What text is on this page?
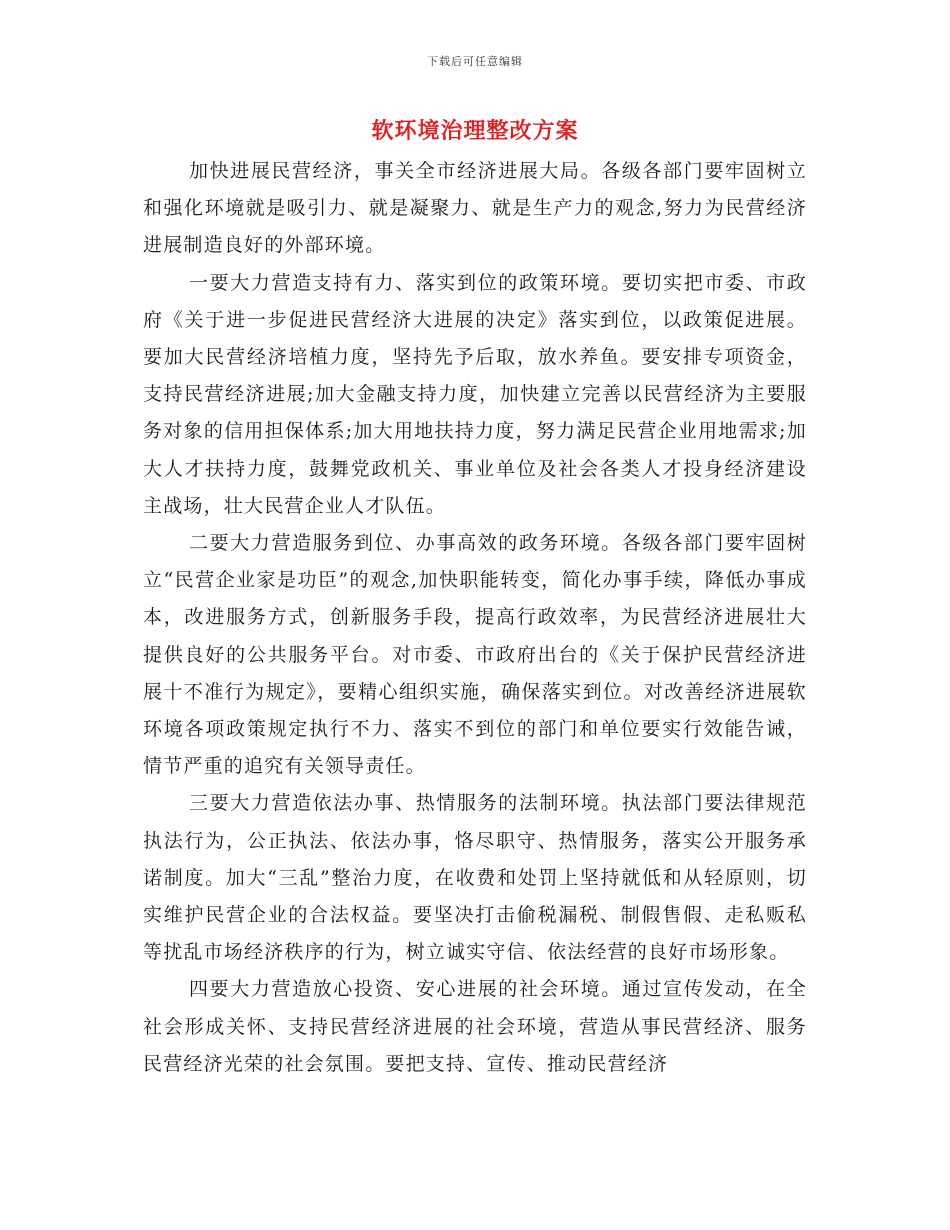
下载后可任意编辑
软环境治理整改方案

加快进展民营经济，事关全市经济进展大局。各级各部门要牢固树立和强化环境就是吸引力、就是凝聚力、就是生产力的观念,努力为民营经济进展制造良好的外部环境。

一要大力营造支持有力、落实到位的政策环境。要切实把市委、市政府《关于进一步促进民营经济大进展的决定》落实到位，以政策促进展。要加大民营经济培植力度，坚持先予后取，放水养鱼。要安排专项资金，支持民营经济进展;加大金融支持力度，加快建立完善以民营经济为主要服务对象的信用担保体系;加大用地扶持力度，努力满足民营企业用地需求;加大人才扶持力度，鼓舞党政机关、事业单位及社会各类人才投身经济建设主战场，壮大民营企业人才队伍。

二要大力营造服务到位、办事高效的政务环境。各级各部门要牢固树立“民营企业家是功臣”的观念,加快职能转变，简化办事手续，降低办事成本，改进服务方式，创新服务手段，提高行政效率，为民营经济进展壮大提供良好的公共服务平台。对市委、市政府出台的《关于保护民营经济进展十不准行为规定》，要精心组织实施，确保落实到位。对改善经济进展软环境各项政策规定执行不力、落实不到位的部门和单位要实行效能告诫，情节严重的追究有关领导责任。

三要大力营造依法办事、热情服务的法制环境。执法部门要法律规范执法行为，公正执法、依法办事，恪尽职守、热情服务，落实公开服务承诺制度。加大“三乱”整治力度，在收费和处罚上坚持就低和从轻原则，切实维护民营企业的合法权益。要坚决打击偷税漏税、制假售假、走私贩私等扰乱市场经济秩序的行为，树立诚实守信、依法经营的良好市场形象。

四要大力营造放心投资、安心进展的社会环境。通过宣传发动，在全社会形成关怀、支持民营经济进展的社会环境，营造从事民营经济、服务民营经济光荣的社会氛围。要把支持、宣传、推动民营经济
